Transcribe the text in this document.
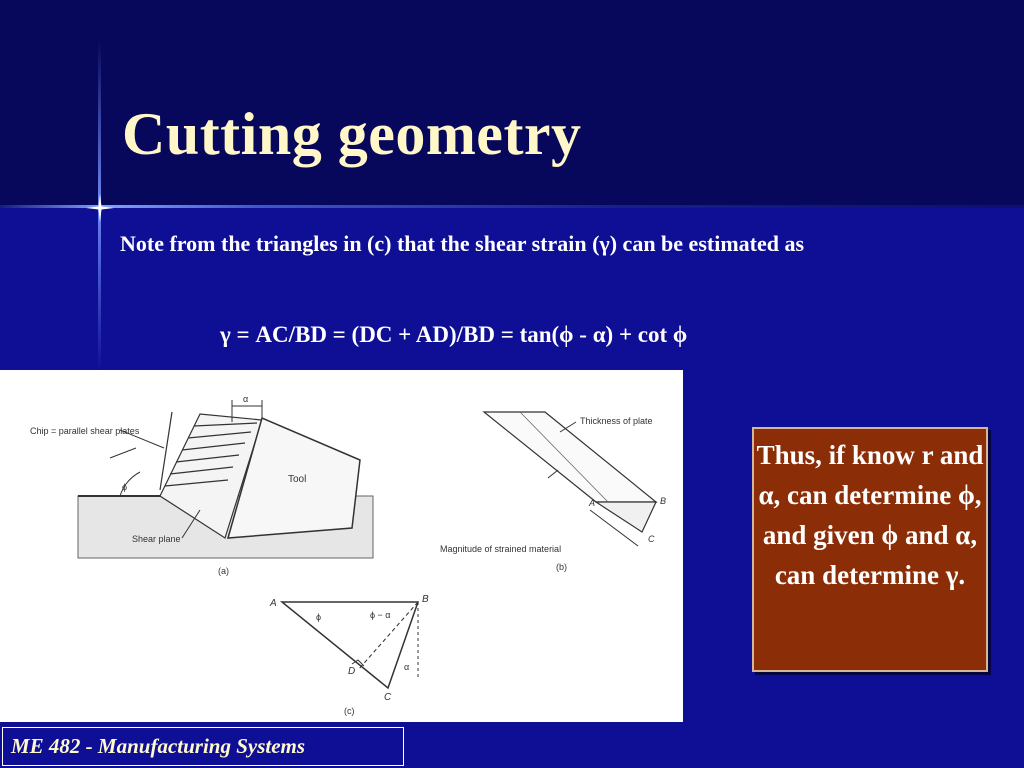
Cutting geometry

Note from the triangles in (c) that the shear strain (γ) can be estimated as

γ = AC/BD = (DC + AD)/BD = tan(ϕ - α) + cot ϕ

Chip = parallel shear plates
α
ϕ
Tool
Shear plane
(a)
Thickness of plate
A	B
C
Magnitude of strained material
(b)
A	B
C
D
ϕ	ϕ − α
α
(c)
Thus, if know r and α, can determine ϕ, and given ϕ and α, can determine γ.
ME 482 - Manufacturing Systems
